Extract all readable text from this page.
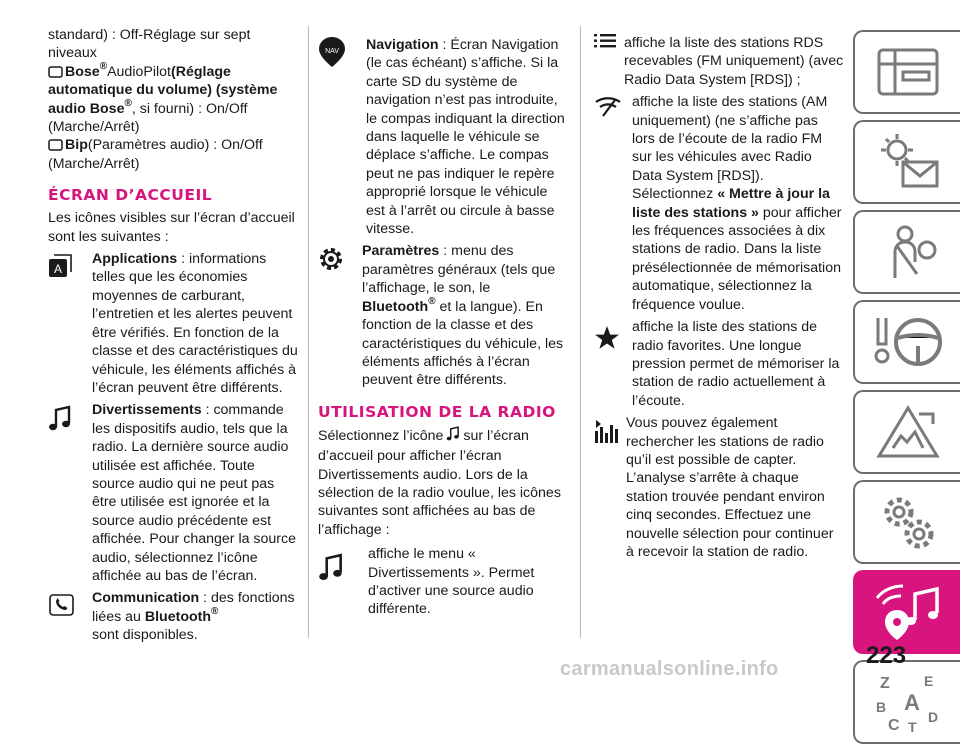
standard) : Off-Réglage sur sept niveaux

Bose®AudioPilot(Réglage automatique du volume) (système audio Bose®, si fourni) : On/Off (Marche/Arrêt)

Bip(Paramètres audio) : On/Off (Marche/Arrêt)

ÉCRAN D’ACCUEIL

Les icônes visibles sur l’écran d’accueil sont les suivantes :

A
Applications : informations telles que les économies moyennes de carburant, l’entretien et les alertes peuvent être vérifiés. En fonction de la classe et des caractéristiques du véhicule, les éléments affichés à l’écran peuvent être différents.
Divertissements : commande les dispositifs audio, tels que la radio. La dernière source audio utilisée est affichée. Toute source audio qui ne peut pas être utilisée est ignorée et la source audio précédente est affichée. Pour changer la source audio, sélectionnez l’icône affichée au bas de l’écran.
Communication : des fonctions liées au Bluetooth®
sont disponibles.
NAV Navigation : Écran Navigation (le cas échéant) s’affiche. Si la carte SD du système de navigation n’est pas introduite, le compas indiquant la direction dans laquelle le véhicule se déplace s’affiche. Le compas peut ne pas indiquer le repère approprié lorsque le véhicule est à l’arrêt ou circule à basse vitesse.
Paramètres : menu des paramètres généraux (tels que l’affichage, le son, le
Bluetooth® et la langue). En fonction de la classe et des caractéristiques du véhicule, les éléments affichés à l’écran peuvent être différents.
UTILISATION DE LA RADIO

Sélectionnez l’icône sur l’écran d’accueil pour afficher l’écran Divertissements audio. Lors de la sélection de la radio voulue, les icônes suivantes sont affichées au bas de l’affichage :

affiche le menu « Divertissements ». Permet d’activer une source audio différente.
affiche la liste des stations RDS recevables (FM uniquement) (avec Radio Data System [RDS]) ;
affiche la liste des stations (AM uniquement) (ne s’affiche pas lors de l’écoute de la radio FM sur les véhicules avec Radio Data System [RDS]). Sélectionnez « Mettre à jour la liste des stations » pour afficher les fréquences associées à dix stations de radio. Dans la liste présélectionnée de mémorisation automatique, sélectionnez la fréquence voulue.
affiche la liste des stations de radio favorites. Une longue pression permet de mémoriser la station de radio actuellement à l’écoute.
Vous pouvez également rechercher les stations de radio qu’il est possible de capter. L’analyse s’arrête à chaque station trouvée pendant environ cinq secondes. Effectuez une nouvelle sélection pour continuer à recevoir la station de radio.
Z E
B A
C T
D
223
carmanualsonline.info
